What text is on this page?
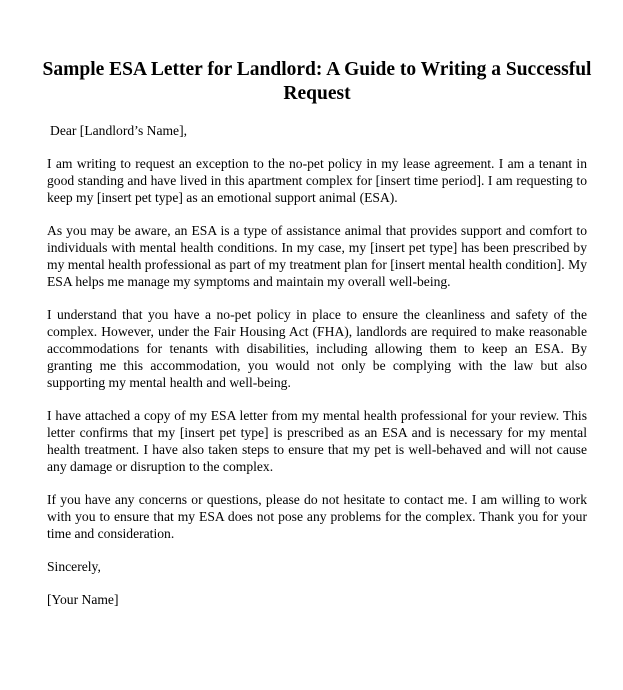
Sample ESA Letter for Landlord: A Guide to Writing a Successful Request
Dear [Landlord’s Name],

I am writing to request an exception to the no-pet policy in my lease agreement. I am a tenant in good standing and have lived in this apartment complex for [insert time period]. I am requesting to keep my [insert pet type] as an emotional support animal (ESA).

As you may be aware, an ESA is a type of assistance animal that provides support and comfort to individuals with mental health conditions. In my case, my [insert pet type] has been prescribed by my mental health professional as part of my treatment plan for [insert mental health condition]. My ESA helps me manage my symptoms and maintain my overall well-being.

I understand that you have a no-pet policy in place to ensure the cleanliness and safety of the complex. However, under the Fair Housing Act (FHA), landlords are required to make reasonable accommodations for tenants with disabilities, including allowing them to keep an ESA. By granting me this accommodation, you would not only be complying with the law but also supporting my mental health and well-being.

I have attached a copy of my ESA letter from my mental health professional for your review. This letter confirms that my [insert pet type] is prescribed as an ESA and is necessary for my mental health treatment. I have also taken steps to ensure that my pet is well-behaved and will not cause any damage or disruption to the complex.

If you have any concerns or questions, please do not hesitate to contact me. I am willing to work with you to ensure that my ESA does not pose any problems for the complex. Thank you for your time and consideration.

Sincerely,
[Your Name]
